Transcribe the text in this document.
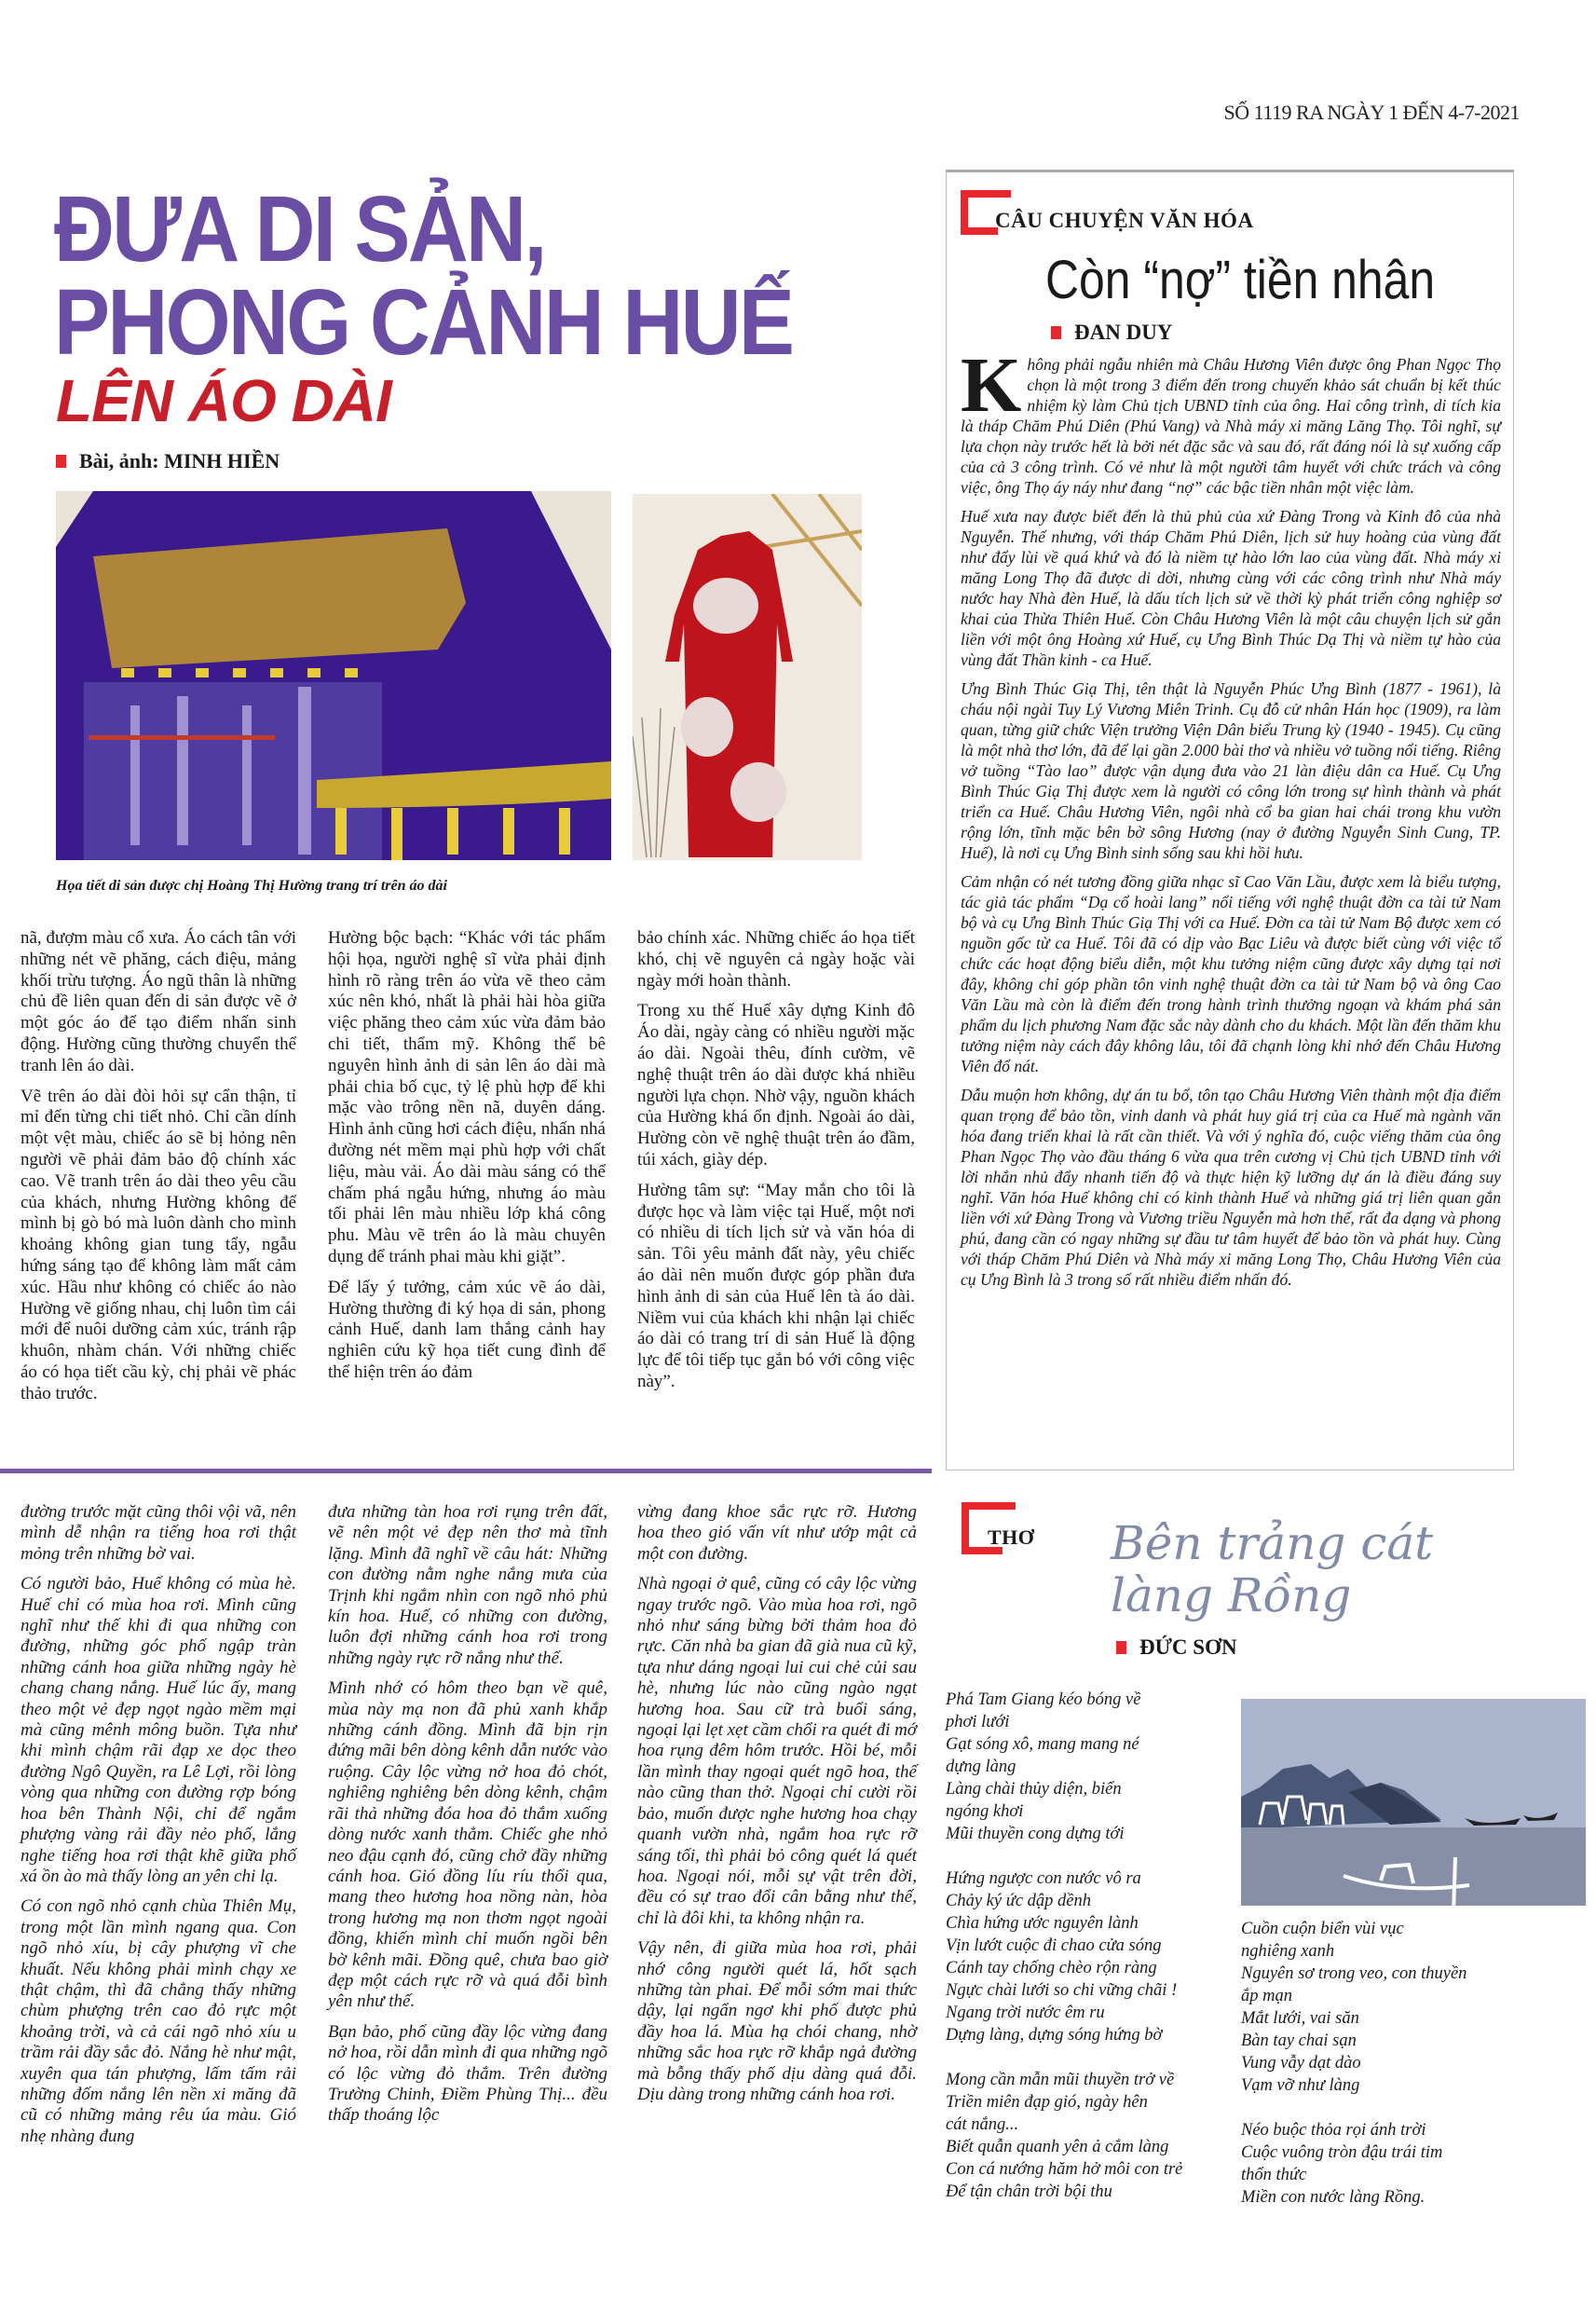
SỐ 1119 RA NGÀY 1 ĐẾN 4-7-2021
ĐƯA DI SẢN,
PHONG CẢNH HUẾ
LÊN ÁO DÀI
Bài, ảnh: MINH HIỀN
Họa tiết di sản được chị Hoàng Thị Hường trang trí trên áo dài

nã, đượm màu cổ xưa. Áo cách tân với những nét vẽ phăng, cách điệu, mảng khối trừu tượng. Áo ngũ thân là những chủ đề liên quan đến di sản được vẽ ở một góc áo để tạo điểm nhấn sinh động. Hường cũng thường chuyển thể tranh lên áo dài.

Vẽ trên áo dài đòi hỏi sự cẩn thận, tỉ mỉ đến từng chi tiết nhỏ. Chỉ cần dính một vệt màu, chiếc áo sẽ bị hỏng nên người vẽ phải đảm bảo độ chính xác cao. Vẽ tranh trên áo dài theo yêu cầu của khách, nhưng Hường không để mình bị gò bó mà luôn dành cho mình khoảng không gian tung tẩy, ngẫu hứng sáng tạo để không làm mất cảm xúc. Hầu như không có chiếc áo nào Hường vẽ giống nhau, chị luôn tìm cái mới để nuôi dưỡng cảm xúc, tránh rập khuôn, nhàm chán. Với những chiếc áo có họa tiết cầu kỳ, chị phải vẽ phác thảo trước.

Hường bộc bạch: “Khác với tác phẩm hội họa, người nghệ sĩ vừa phải định hình rõ ràng trên áo vừa vẽ theo cảm xúc nên khó, nhất là phải hài hòa giữa việc phăng theo cảm xúc vừa đảm bảo chi tiết, thẩm mỹ. Không thể bê nguyên hình ảnh di sản lên áo dài mà phải chia bố cục, tỷ lệ phù hợp để khi mặc vào trông nền nã, duyên dáng. Hình ảnh cũng hơi cách điệu, nhấn nhá đường nét mềm mại phù hợp với chất liệu, màu vải. Áo dài màu sáng có thể chấm phá ngẫu hứng, nhưng áo màu tối phải lên màu nhiều lớp khá công phu. Màu vẽ trên áo là màu chuyên dụng để tránh phai màu khi giặt”.

Để lấy ý tưởng, cảm xúc vẽ áo dài, Hường thường đi ký họa di sản, phong cảnh Huế, danh lam thắng cảnh hay nghiên cứu kỹ họa tiết cung đình để thể hiện trên áo đảm

bảo chính xác. Những chiếc áo họa tiết khó, chị vẽ nguyên cả ngày hoặc vài ngày mới hoàn thành.

Trong xu thế Huế xây dựng Kinh đô Áo dài, ngày càng có nhiều người mặc áo dài. Ngoài thêu, đính cườm, vẽ nghệ thuật trên áo dài được khá nhiều người lựa chọn. Nhờ vậy, nguồn khách của Hường khá ổn định. Ngoài áo dài, Hường còn vẽ nghệ thuật trên áo đầm, túi xách, giày dép.

Hường tâm sự: “May mắn cho tôi là được học và làm việc tại Huế, một nơi có nhiều di tích lịch sử và văn hóa di sản. Tôi yêu mảnh đất này, yêu chiếc áo dài nên muốn được góp phần đưa hình ảnh di sản của Huế lên tà áo dài. Niềm vui của khách khi nhận lại chiếc áo dài có trang trí di sản Huế là động lực để tôi tiếp tục gắn bó với công việc này”.

CÂU CHUYỆN VĂN HÓA
Còn “nợ” tiền nhân
ĐAN DUY

Không phải ngẫu nhiên mà Châu Hương Viên được ông Phan Ngọc Thọ chọn là một trong 3 điểm đến trong chuyến khảo sát chuẩn bị kết thúc nhiệm kỳ làm Chủ tịch UBND tỉnh của ông. Hai công trình, di tích kia là tháp Chăm Phú Diên (Phú Vang) và Nhà máy xi măng Lăng Thọ. Tôi nghĩ, sự lựa chọn này trước hết là bởi nét đặc sắc và sau đó, rất đáng nói là sự xuống cấp của cả 3 công trình. Có vẻ như là một người tâm huyết với chức trách và công việc, ông Thọ áy náy như đang “nợ” các bậc tiền nhân một việc làm.

Huế xưa nay được biết đến là thủ phủ của xứ Đàng Trong và Kinh đô của nhà Nguyễn. Thế nhưng, với tháp Chăm Phú Diên, lịch sử huy hoàng của vùng đất như đẩy lùi về quá khứ và đó là niềm tự hào lớn lao của vùng đất. Nhà máy xi măng Long Thọ đã được di dời, nhưng cùng với các công trình như Nhà máy nước hay Nhà đèn Huế, là dấu tích lịch sử về thời kỳ phát triển công nghiệp sơ khai của Thừa Thiên Huế. Còn Châu Hương Viên là một câu chuyện lịch sử gắn liền với một ông Hoàng xứ Huế, cụ Ưng Bình Thúc Dạ Thị và niềm tự hào của vùng đất Thần kinh - ca Huế.

Ưng Bình Thúc Giạ Thị, tên thật là Nguyễn Phúc Ưng Bình (1877 - 1961), là cháu nội ngài Tuy Lý Vương Miên Trinh. Cụ đỗ cử nhân Hán học (1909), ra làm quan, từng giữ chức Viện trưởng Viện Dân biểu Trung kỳ (1940 - 1945). Cụ cũng là một nhà thơ lớn, đã để lại gần 2.000 bài thơ và nhiều vở tuồng nổi tiếng. Riêng vở tuồng “Tào lao” được vận dụng đưa vào 21 làn điệu dân ca Huế. Cụ Ưng Bình Thúc Giạ Thị được xem là người có công lớn trong sự hình thành và phát triển ca Huế. Châu Hương Viên, ngôi nhà cổ ba gian hai chái trong khu vườn rộng lớn, tĩnh mặc bên bờ sông Hương (nay ở đường Nguyễn Sinh Cung, TP. Huế), là nơi cụ Ưng Bình sinh sống sau khi hồi hưu.

Cảm nhận có nét tương đồng giữa nhạc sĩ Cao Văn Lầu, được xem là biểu tượng, tác giả tác phẩm “Dạ cổ hoài lang” nổi tiếng với nghệ thuật đờn ca tài tử Nam bộ và cụ Ưng Bình Thúc Giạ Thị với ca Huế. Đờn ca tài tử Nam Bộ được xem có nguồn gốc từ ca Huế. Tôi đã có dịp vào Bạc Liêu và được biết cùng với việc tổ chức các hoạt động biểu diễn, một khu tưởng niệm cũng được xây dựng tại nơi đây, không chỉ góp phần tôn vinh nghệ thuật đờn ca tài tử Nam bộ và ông Cao Văn Lầu mà còn là điểm đến trong hành trình thưởng ngoạn và khám phá sản phẩm du lịch phương Nam đặc sắc này dành cho du khách. Một lần đến thăm khu tưởng niệm này cách đây không lâu, tôi đã chạnh lòng khi nhớ đến Châu Hương Viên đổ nát.

Dẫu muộn hơn không, dự án tu bổ, tôn tạo Châu Hương Viên thành một địa điểm quan trọng để bảo tồn, vinh danh và phát huy giá trị của ca Huế mà ngành văn hóa đang triển khai là rất cần thiết. Và với ý nghĩa đó, cuộc viếng thăm của ông Phan Ngọc Thọ vào đầu tháng 6 vừa qua trên cương vị Chủ tịch UBND tỉnh với lời nhắn nhủ đẩy nhanh tiến độ và thực hiện kỹ lưỡng dự án là điều đáng suy nghĩ. Văn hóa Huế không chỉ có kinh thành Huế và những giá trị liên quan gắn liền với xứ Đàng Trong và Vương triều Nguyễn mà hơn thế, rất đa dạng và phong phú, đang cần có ngay những sự đầu tư tâm huyết để bảo tồn và phát huy. Cùng với tháp Chăm Phú Diên và Nhà máy xi măng Long Thọ, Châu Hương Viên của cụ Ưng Bình là 3 trong số rất nhiều điểm nhấn đó.

đường trước mặt cũng thôi vội vã, nên mình dễ nhận ra tiếng hoa rơi thật mỏng trên những bờ vai.

Có người bảo, Huế không có mùa hè. Huế chỉ có mùa hoa rơi. Mình cũng nghĩ như thế khi đi qua những con đường, những góc phố ngập tràn những cánh hoa giữa những ngày hè chang chang nắng. Huế lúc ấy, mang theo một vẻ đẹp ngọt ngào mềm mại mà cũng mênh mông buồn. Tựa như khi mình chậm rãi đạp xe dọc theo đường Ngô Quyền, ra Lê Lợi, rồi lòng vòng qua những con đường rợp bóng hoa bên Thành Nội, chỉ để ngắm phượng vàng rải đầy nẻo phố, lắng nghe tiếng hoa rơi thật khẽ giữa phố xá ồn ào mà thấy lòng an yên chi lạ.

Có con ngõ nhỏ cạnh chùa Thiên Mụ, trong một lần mình ngang qua. Con ngõ nhỏ xíu, bị cây phượng vĩ che khuất. Nếu không phải mình chạy xe thật chậm, thì đã chẳng thấy những chùm phượng trên cao đỏ rực một khoảng trời, và cả cái ngõ nhỏ xíu u trầm rải đầy sắc đỏ. Nắng hè như mật, xuyên qua tán phượng, lấm tấm rải những đốm nắng lên nền xi măng đã cũ có những mảng rêu úa màu. Gió nhẹ nhàng đung

đưa những tàn hoa rơi rụng trên đất, vẽ nên một vẻ đẹp nên thơ mà tĩnh lặng. Mình đã nghĩ về câu hát: Những con đường nằm nghe nắng mưa của Trịnh khi ngắm nhìn con ngõ nhỏ phủ kín hoa. Huế, có những con đường, luôn đợi những cánh hoa rơi trong những ngày rực rỡ nắng như thế.

Mình nhớ có hôm theo bạn về quê, mùa này mạ non đã phủ xanh khắp những cánh đồng. Mình đã bịn rịn đứng mãi bên dòng kênh dẫn nước vào ruộng. Cây lộc vừng nở hoa đỏ chót, nghiêng nghiêng bên dòng kênh, chậm rãi thả những đóa hoa đỏ thắm xuống dòng nước xanh thẳm. Chiếc ghe nhỏ neo đậu cạnh đó, cũng chở đầy những cánh hoa. Gió đồng líu ríu thổi qua, mang theo hương hoa nồng nàn, hòa trong hương mạ non thơm ngọt ngoài đồng, khiến mình chỉ muốn ngồi bên bờ kênh mãi. Đồng quê, chưa bao giờ đẹp một cách rực rỡ và quá đỗi bình yên như thế.

Bạn bảo, phố cũng đầy lộc vừng đang nở hoa, rồi dẫn mình đi qua những ngõ có lộc vừng đỏ thắm. Trên đường Trường Chinh, Điềm Phùng Thị... đều thấp thoáng lộc

vừng đang khoe sắc rực rỡ. Hương hoa theo gió vấn vít như ướp mật cả một con đường.

Nhà ngoại ở quê, cũng có cây lộc vừng ngay trước ngõ. Vào mùa hoa rơi, ngõ nhỏ như sáng bừng bởi thảm hoa đỏ rực. Căn nhà ba gian đã già nua cũ kỹ, tựa như dáng ngoại lui cui chẻ củi sau hè, nhưng lúc nào cũng ngào ngạt hương hoa. Sau cữ trà buổi sáng, ngoại lại lẹt xẹt cầm chổi ra quét đi mớ hoa rụng đêm hôm trước. Hồi bé, mỗi lần mình thay ngoại quét ngõ hoa, thế nào cũng than thở. Ngoại chỉ cười rồi bảo, muốn được nghe hương hoa chạy quanh vườn nhà, ngắm hoa rực rỡ sáng tối, thì phải bỏ công quét lá quét hoa. Ngoại nói, mỗi sự vật trên đời, đều có sự trao đổi cân bằng như thế, chỉ là đôi khi, ta không nhận ra.

Vậy nên, đi giữa mùa hoa rơi, phải nhớ công người quét lá, hốt sạch những tàn phai. Để mỗi sớm mai thức dậy, lại ngẩn ngơ khi phố được phủ đầy hoa lá. Mùa hạ chói chang, nhờ những sắc hoa rực rỡ khắp ngả đường mà bỗng thấy phố dịu dàng quá đỗi. Dịu dàng trong những cánh hoa rơi.

THƠ Bên trảng cát
làng Rồng
ĐỨC SƠN
Phá Tam Giang kéo bóng về
phơi lưới
Gạt sóng xô, mang mang né
dựng làng
Làng chài thủy diện, biển
ngóng khơi
Mũi thuyền cong dựng tới
Hứng ngược con nước vô ra
Chảy ký ức dập dềnh
Chìa hứng ước nguyên lành
Vịn lướt cuộc đi chao cửa sóng
Cánh tay chống chèo rộn ràng
Ngực chài lưới so chi vững chãi !
Ngang trời nước êm ru
Dựng làng, dựng sóng hứng bờ
Mong cần mẫn mũi thuyền trở về
Triền miên đạp gió, ngày hên
cát nắng...
Biết quẫn quanh yên ả cắm làng
Con cá nướng hăm hở môi con trẻ
Để tận chân trời bội thu
Cuồn cuộn biển vùi vục
nghiêng xanh
Nguyên sơ trong veo, con thuyền
ắp mạn
Mắt lưới, vai săn
Bàn tay chai sạn
Vung vẫy dạt dào
Vạm vỡ như làng
Néo buộc thỏa rọi ánh trời
Cuộc vuông tròn đậu trái tim
thổn thức
Miền con nước làng Rồng.
